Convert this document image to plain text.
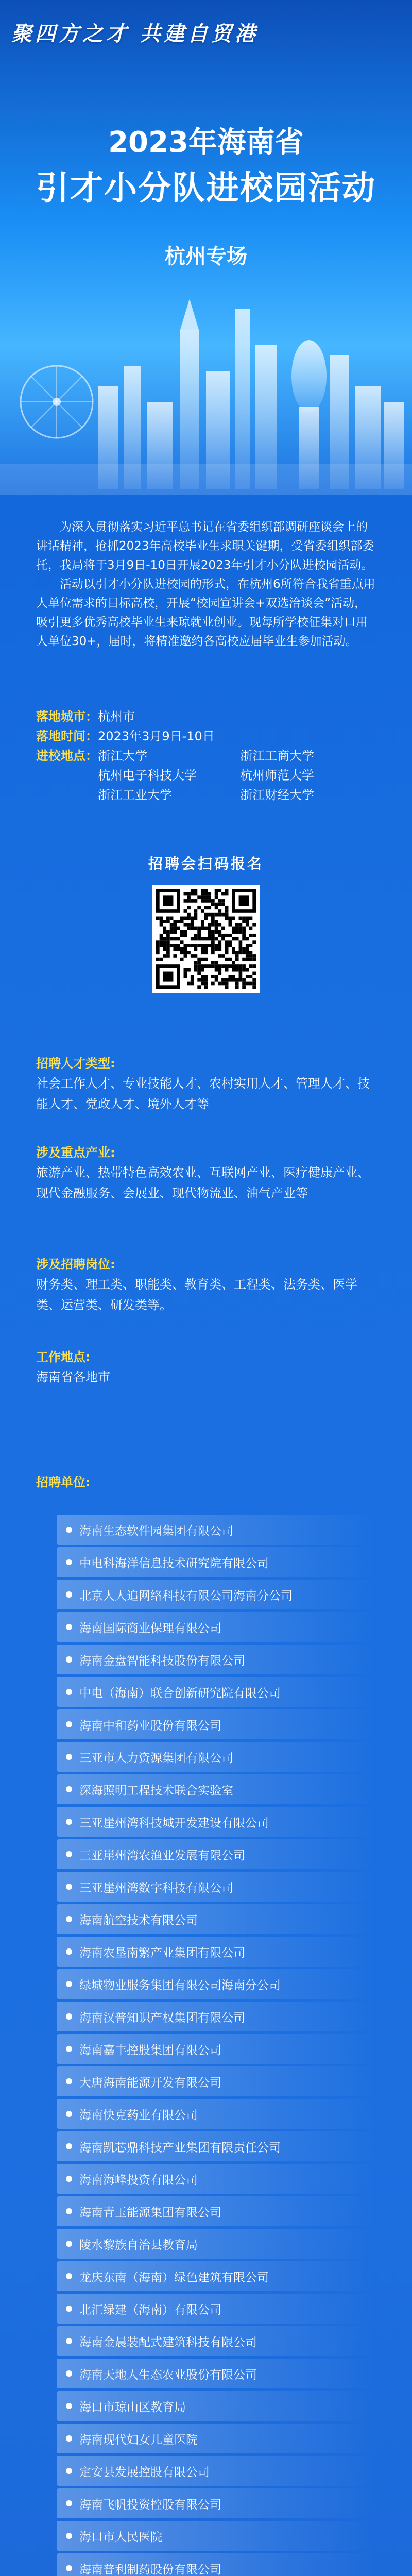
聚四方之才 共建自贸港
2023年海南省
引才小分队进校园活动
杭州专场

为深入贯彻落实习近平总书记在省委组织部调研座谈会上的讲话精神，抢抓2023年高校毕业生求职关键期，受省委组织部委托，我局将于3月9日-10日开展2023年引才小分队进校园活动。

活动以引才小分队进校园的形式，在杭州6所符合我省重点用人单位需求的目标高校，开展“校园宣讲会+双选洽谈会”活动，吸引更多优秀高校毕业生来琼就业创业。现每所学校征集对口用人单位30+，届时，将精准邀约各高校应届毕业生参加活动。

落地城市： 杭州市
落地时间： 2023年3月9日-10日
进校地点： 浙江大学	浙江工商大学
杭州电子科技大学	杭州师范大学
浙江工业大学	浙江财经大学
招聘会扫码报名
招聘人才类型:
社会工作人才、专业技能人才、农村实用人才、管理人才、技能人才、党政人才、境外人才等
涉及重点产业:
旅游产业、热带特色高效农业、互联网产业、医疗健康产业、现代金融服务、会展业、现代物流业、油气产业等
涉及招聘岗位:
财务类、理工类、职能类、教育类、工程类、法务类、医学类、运营类、研发类等。
工作地点:
海南省各地市
招聘单位:
海南生态软件园集团有限公司
中电科海洋信息技术研究院有限公司
北京人人追网络科技有限公司海南分公司
海南国际商业保理有限公司
海南金盘智能科技股份有限公司
中电（海南）联合创新研究院有限公司
海南中和药业股份有限公司
三亚市人力资源集团有限公司
深海照明工程技术联合实验室
三亚崖州湾科技城开发建设有限公司
三亚崖州湾农渔业发展有限公司
三亚崖州湾数字科技有限公司
海南航空技术有限公司
海南农垦南繁产业集团有限公司
绿城物业服务集团有限公司海南分公司
海南汉普知识产权集团有限公司
海南嘉丰控股集团有限公司
大唐海南能源开发有限公司
海南快克药业有限公司
海南凯芯鼎科技产业集团有限责任公司
海南海峰投资有限公司
海南青玉能源集团有限公司
陵水黎族自治县教育局
龙庆东南（海南）绿色建筑有限公司
北汇绿建（海南）有限公司
海南金晨装配式建筑科技有限公司
海南天地人生态农业股份有限公司
海口市琼山区教育局
海南现代妇女儿童医院
定安县发展控股有限公司
海南飞帆投资控股有限公司
海口市人民医院
海南普利制药股份有限公司
